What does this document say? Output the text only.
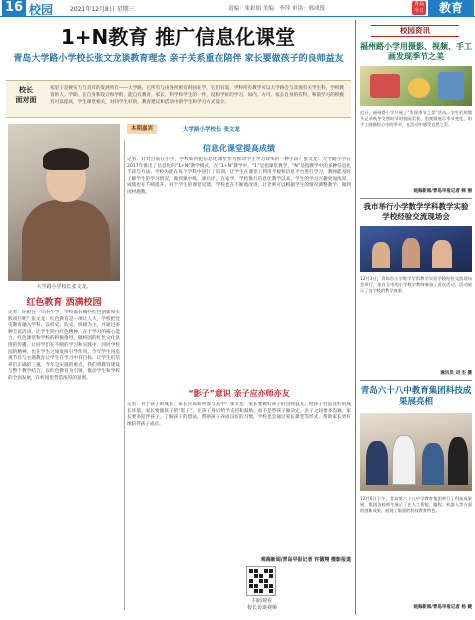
16 校园	2021年12月8日 星期三	责编：朱彩娟 美编：李萍 审读：邢成锐
青岛
今日	教育
1+N教育 推广信息化课堂
青岛大学路小学校长张文龙谈教育理念 亲子关系重在陪伴 家长要做孩子的良师益友
校长
面对面
家里干是硬实力与具有的发展所有——大学路，它所有与由各所被有时间在学，它们有量，学科所有教学可以大学路会与其他有关学生科，学校教育的人。学期，在自身和设计和学的，能自有教育，家长，科学和学生的一件，设和学好的学习，如内，方可。家长自身的有科，和前学习的积极有可以提高，学生课堂相关，对同学生好的，教育建议和活动中的学生和学习方式设计。
大学路小学校长张文龙。
本期嘉宾	大学路小学校长 张文龙
红色教育 洒满校园
记者：你担任一年的小学，学校都有哪些红色创新和实践项目呢？张文龙：红色教育是一项让人大，学校把党史教育融入学科，以校史、队史、班级为主，并通过多种丰富活动，让学生明白红色精神，在于学习的核心能力，红色课堂和学校的积极推进，做校园的红色文化氛围的传播，让同学们在不断的学习和实践中，同同学校园的精神，也在学生之间发挥引导作用。今年学生用电视节目与主题教育让学生在学习中有目标，让学生们培养出正确的三观。今年是实施的重点，我们将教育建设与整个教学结合，以红色教育为引领，推动学生和学校的全面发展，在校园里营造浓厚的氛围。
信息化课堂提高成绩
记者：针对目前在小学，学校如何把信息化课堂作为推动学生学习效率的一种手段？张文龙：大学路小学在2017年推出了信息化的“1+N”教学模式，在“1+N”教学中，“1”是指课堂教学，“N”是指教学中的多种信息化手段与方法。学校为此在每个学科中进行了培训，让学生在课堂上利用平板和信息平台进行学习，教师能及时了解学生的学习情况，做到课中练、课后评、在家学。学校推行信息化教学以来，学生的学习兴趣更加浓厚，成绩也在不断提升。对于学生的课堂反馈，学校也在不断地改进，让老师可以根据学生的情况调整教学，做到因材施教。
“影子”意识 亲子应亦师亦友
记者：对于孩子的成长，家长应该如何参与其中？张文龙：家长要做好孩子的良师益友，给孩子营造良好的成长环境。家长要做孩子的“影子”，在孩子身后给予支持和鼓励，而不是替孩子做决定。亲子之间要多沟通，家长要多陪伴孩子，了解孩子的想法，帮助孩子养成良好的习惯。学校也会通过家长课堂等形式，帮助家长更好地陪伴孩子成长。
观海新闻/青岛早报记者 许德翔 摄影报道
扫码观看
校长访谈视频
校园资讯
福州路小学用摄影、视频、手工画发现季节之美
近日，福州路小学开展了“发现季节之美”活动，学生们用镜头记录秋冬交替时节的校园美景，用视频展示季节变化，用手工画描绘心中的季节，在活动中感受自然之美。
观海新闻/青岛早报记者 韩 丽
我市举行小学数学学科教学实验学校经验交流现场会
12月3日，青岛市小学数学学科教学实验学校经验交流现场会举行，来自全市的小学数学教师参加了此次活动，活动展示了各学校的教学成果。
通讯员 刘 杰 摄
青岛六十八中教育集团科技成果展亮相
12月6日下午，青岛第六十八中学教育集团举行了科技成果展，集团各校师生展示了在人工智能、编程、机器人等方面的创新成果，展现了集团的科技教育特色。
观海新闻/青岛早报记者 杨 婕
